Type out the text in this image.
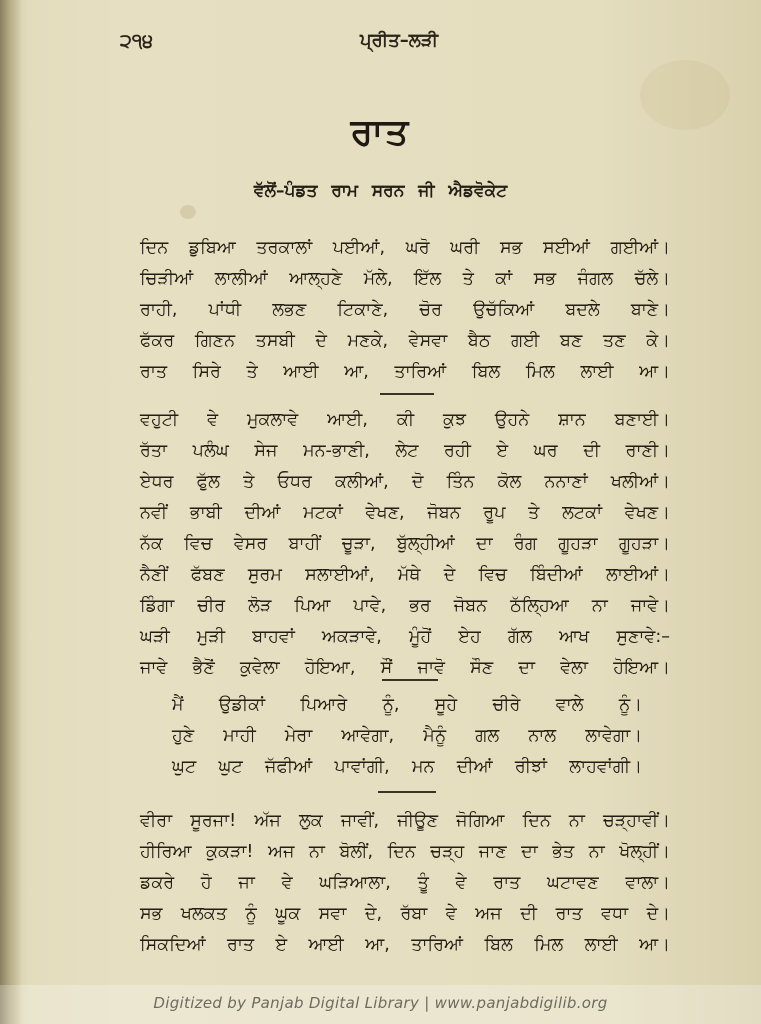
੨੧੪	ਪ੍ਰੀਤ–ਲੜੀ
ਰਾਤ
ਵੱਲੋਂ–ਪੰਡਤ ਰਾਮ ਸਰਨ ਜੀ ਐਡਵੋਕੇਟ
ਦਿਨ ਡੁਬਿਆ ਤਰਕਾਲਾਂ ਪਈਆਂ, ਘਰੋ ਘਰੀ ਸਭ ਸਈਆਂ ਗਈਆਂ।
ਚਿੜੀਆਂ ਲਾਲੀਆਂ ਆਲ੍ਹਣੇ ਮੱਲੇ, ਇੱਲ ਤੇ ਕਾਂ ਸਭ ਜੰਗਲ ਚੱਲੇ।
ਰਾਹੀ, ਪਾਂਧੀ ਲਭਣ ਟਿਕਾਣੇ, ਚੋਰ ਉਚੱਕਿਆਂ ਬਦਲੇ ਬਾਣੇ।
ਫੱਕਰ ਗਿਣਨ ਤਸਬੀ ਦੇ ਮਣਕੇ, ਵੇਸਵਾ ਬੈਠ ਗਈ ਬਣ ਤਣ ਕੇ।
ਰਾਤ ਸਿਰੇ ਤੇ ਆਈ ਆ, ਤਾਰਿਆਂ ਬਿਲ ਮਿਲ ਲਾਈ ਆ।
ਵਹੁਟੀ ਵੇ ਮੁਕਲਾਵੇ ਆਈ, ਕੀ ਕੁਝ ਉਹਨੇ ਸ਼ਾਨ ਬਣਾਈ।
ਰੱਤਾ ਪਲੰਘ ਸੇਜ ਮਨ-ਭਾਣੀ, ਲੇਟ ਰਹੀ ਏ ਘਰ ਦੀ ਰਾਣੀ।
ਏਧਰ ਫੁੱਲ ਤੇ ਓਧਰ ਕਲੀਆਂ, ਦੋ ਤਿੰਨ ਕੋਲ ਨਨਾਣਾਂ ਖਲੀਆਂ।
ਨਵੀਂ ਭਾਬੀ ਦੀਆਂ ਮਟਕਾਂ ਵੇਖਣ, ਜੋਬਨ ਰੂਪ ਤੇ ਲਟਕਾਂ ਵੇਖਣ।
ਨੱਕ ਵਿਚ ਵੇਸਰ ਬਾਹੀਂ ਚੂੜਾ, ਬੁੱਲ੍ਹੀਆਂ ਦਾ ਰੰਗ ਗੂਹੜਾ ਗੂਹੜਾ।
ਨੈਣੀਂ ਫੱਬਣ ਸੁਰਮ ਸਲਾਈਆਂ, ਮੱਥੇ ਦੇ ਵਿਚ ਬਿੰਦੀਆਂ ਲਾਈਆਂ।
ਡਿੰਗਾ ਚੀਰ ਲੋੜ ਪਿਆ ਪਾਵੇ, ਭਰ ਜੋਬਨ ਠੱਲ੍ਹਿਆ ਨਾ ਜਾਵੇ।
ਘੜੀ ਮੁੜੀ ਬਾਹਵਾਂ ਅਕੜਾਵੇ, ਮੂੰਹੋਂ ਏਹ ਗੱਲ ਆਖ ਸੁਣਾਵੇ:–
ਜਾਵੇ ਭੈਣੋਂ ਕੁਵੇਲਾ ਹੋਇਆ, ਸੌਂ ਜਾਵੋ ਸੌਣ ਦਾ ਵੇਲਾ ਹੋਇਆ।
ਮੈਂ ਉਡੀਕਾਂ ਪਿਆਰੇ ਨੂੰ, ਸੂਹੇ ਚੀਰੇ ਵਾਲੇ ਨੂੰ।
ਹੁਣੇ ਮਾਹੀ ਮੇਰਾ ਆਵੇਗਾ, ਮੈਨੂੰ ਗਲ ਨਾਲ ਲਾਵੇਗਾ।
ਘੁਟ ਘੁਟ ਜੱਫੀਆਂ ਪਾਵਾਂਗੀ, ਮਨ ਦੀਆਂ ਰੀਝਾਂ ਲਾਹਵਾਂਗੀ।
ਵੀਰਾ ਸੂਰਜਾ! ਅੱਜ ਲੁਕ ਜਾਵੀਂ, ਜੀਊਣ ਜੋਗਿਆ ਦਿਨ ਨਾ ਚੜ੍ਹਾਵੀਂ।
ਹੀਰਿਆ ਕੁਕੜਾ! ਅਜ ਨਾ ਬੋਲੀਂ, ਦਿਨ ਚੜ੍ਹ ਜਾਣ ਦਾ ਭੇਤ ਨਾ ਖੋਲ੍ਹੀਂ।
ਡਕਰੇ ਹੋ ਜਾ ਵੇ ਘੜਿਆਲਾ, ਤੂੰ ਵੇ ਰਾਤ ਘਟਾਵਣ ਵਾਲਾ।
ਸਭ ਖਲਕਤ ਨੂੰ ਘੂਕ ਸਵਾ ਦੇ, ਰੱਬਾ ਵੇ ਅਜ ਦੀ ਰਾਤ ਵਧਾ ਦੇ।
ਸਿਕਦਿਆਂ ਰਾਤ ਏ ਆਈ ਆ, ਤਾਰਿਆਂ ਬਿਲ ਮਿਲ ਲਾਈ ਆ।
Digitized by Panjab Digital Library | www.panjabdigilib.org
